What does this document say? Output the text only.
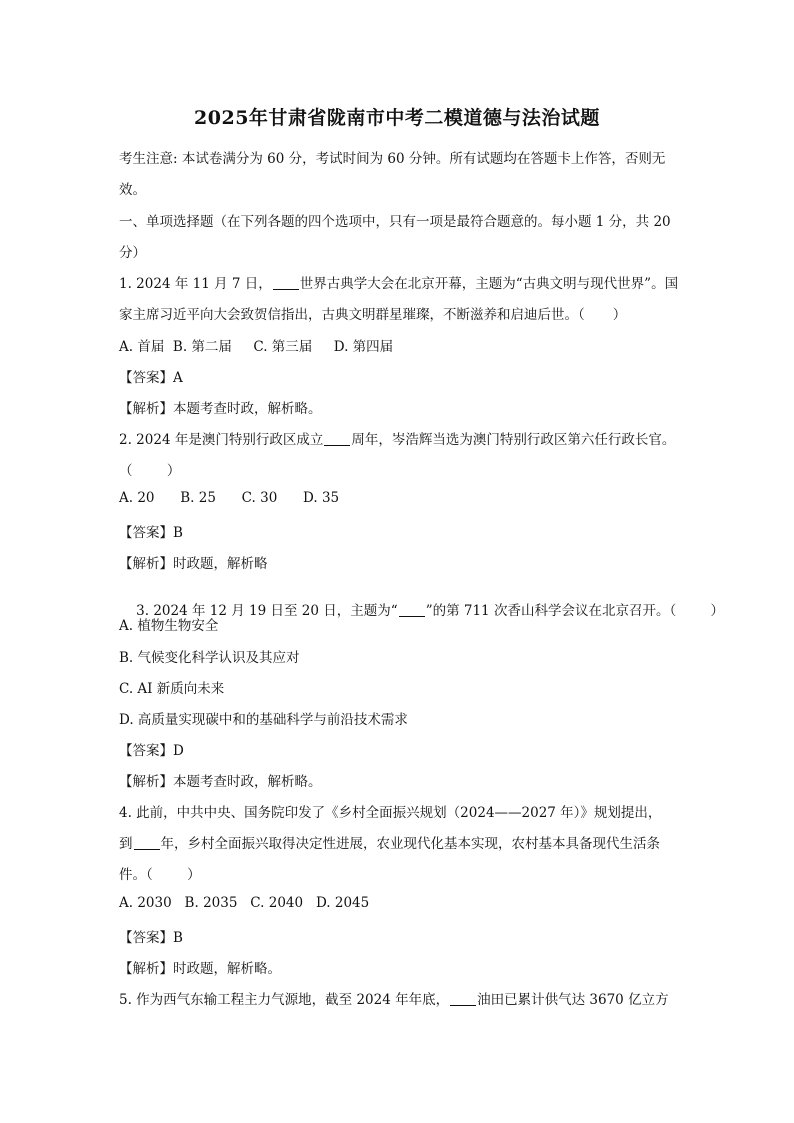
2025年甘肃省陇南市中考二模道德与法治试题
考生注意: 本试卷满分为 60 分，考试时间为 60 分钟。所有试题均在答题卡上作答，否则无
效。
一、单项选择题（在下列各题的四个选项中，只有一项是最符合题意的。每小题 1 分，共 20
分）
1. 2024 年 11 月 7 日， 世界古典学大会在北京开幕，主题为“古典文明与现代世界”。国
家主席习近平向大会致贺信指出，古典文明群星璀璨，不断滋养和启迪后世。（ ）
A. 首届  B. 第二届     C. 第三届     D. 第四届
【答案】A
【解析】本题考查时政，解析略。
2. 2024 年是澳门特别行政区成立 周年，岑浩辉当选为澳门特别行政区第六任行政长官。
（        ）
A. 20      B. 25      C. 30      D. 35
【答案】B
【解析】时政题，解析略

3. 2024 年 12 月 19 日至 20 日，主题为“ ”的第 711 次香山科学会议在北京召开。（        ）

A. 植物生物安全
B. 气候变化科学认识及其应对
C. AI 新质向未来
D. 高质量实现碳中和的基础科学与前沿技术需求
【答案】D
【解析】本题考查时政，解析略。
4. 此前，中共中央、国务院印发了《乡村全面振兴规划（2024——2027 年）》规划提出，
到 年，乡村全面振兴取得决定性进展，农业现代化基本实现，农村基本具备现代生活条
件。（        ）
A. 2030   B. 2035   C. 2040   D. 2045
【答案】B
【解析】时政题，解析略。
5. 作为西气东输工程主力气源地，截至 2024 年年底， 油田已累计供气达 3670 亿立方
